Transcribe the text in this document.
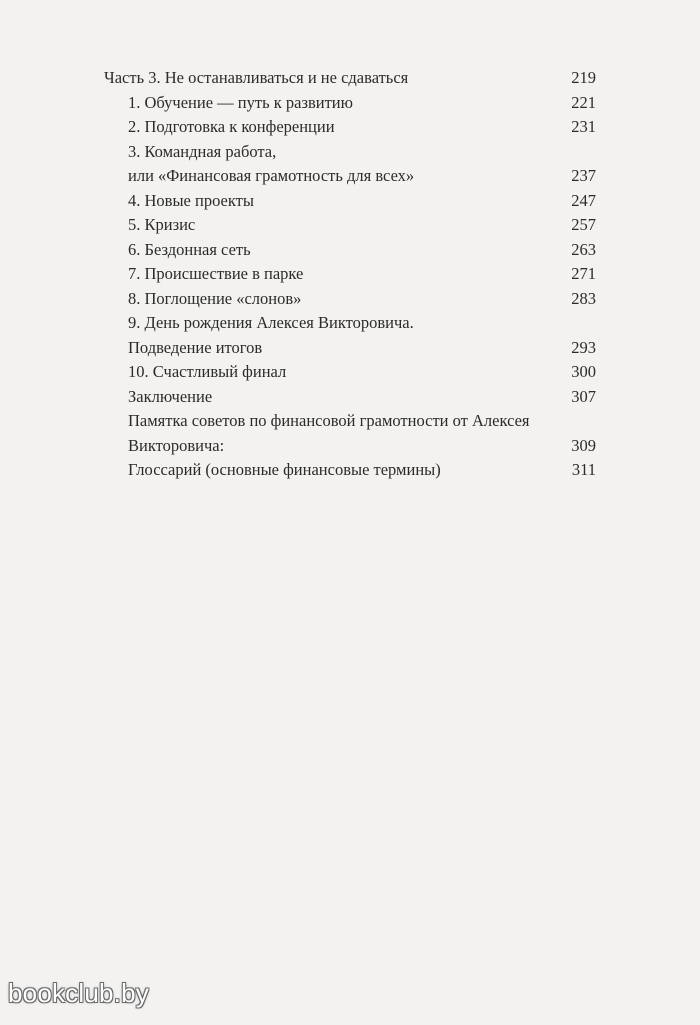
Часть 3. Не останавливаться и не сдаваться	219
1. Обучение — путь к развитию	221
2. Подготовка к конференции	231
3. Командная работа,
или «Финансовая грамотность для всех»	237
4. Новые проекты	247
5. Кризис	257
6. Бездонная сеть	263
7. Происшествие в парке	271
8. Поглощение «слонов»	283
9. День рождения Алексея Викторовича.
Подведение итогов	293
10. Счастливый финал	300
Заключение	307
Памятка советов по финансовой грамотности от Алексея
Викторовича:	309
Глоссарий (основные финансовые термины)	311
bookclub.by
